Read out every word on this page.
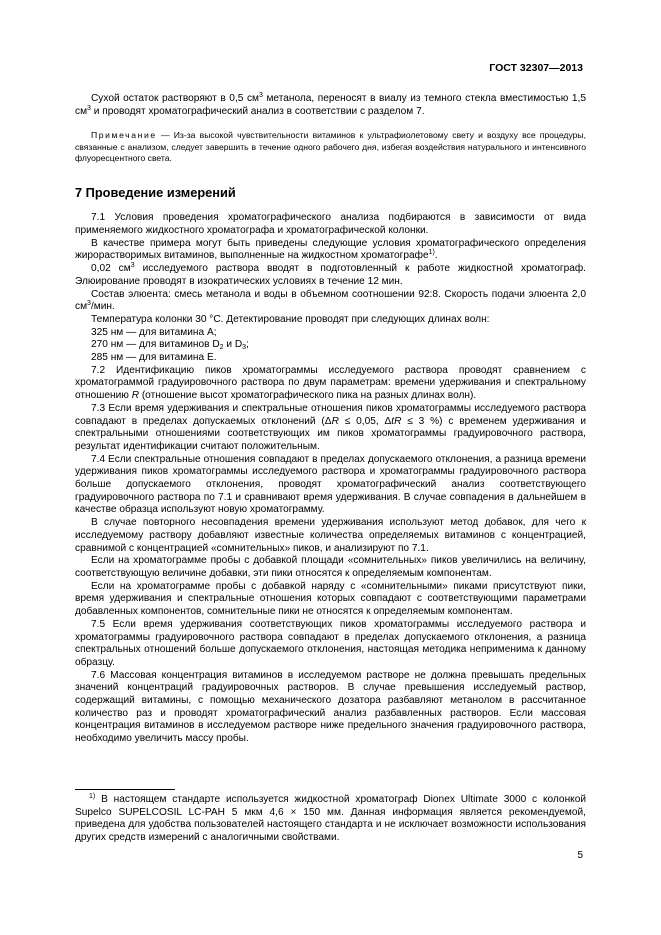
ГОСТ 32307—2013

Сухой остаток растворяют в 0,5 $см^3$ метанола, переносят в виалу из темного стекла вместимостью 1,5 $см^3$ и проводят хроматографический анализ в соответствии с разделом 7.

Примечание — Из-за высокой чувствительности витаминов к ультрафиолетовому свету и воздуху все процедуры, связанные с анализом, следует завершить в течение одного рабочего дня, избегая воздействия натурального и интенсивного флуоресцентного света.

7 Проведение измерений

7.1 Условия проведения хроматографического анализа подбираются в зависимости от вида применяемого жидкостного хроматографа и хроматографической колонки.

В качестве примера могут быть приведены следующие условия хроматографического определения жирорастворимых витаминов, выполненные на жидкостном хроматографе$^{1)}$.

0,02 $см^3$ исследуемого раствора вводят в подготовленный к работе жидкостной хроматограф. Элюирование проводят в изократических условиях в течение 12 мин.

Состав элюента: смесь метанола и воды в объемном соотношении 92:8. Скорость подачи элюента 2,0 $см^3$/мин.

Температура колонки 30 °С. Детектирование проводят при следующих длинах волн:

325 нм — для витамина А;

270 нм — для витаминов $D_2$ и $D_3$;

285 нм — для витамина Е.

7.2 Идентификацию пиков хроматограммы исследуемого раствора проводят сравнением с хроматограммой градуировочного раствора по двум параметрам: времени удерживания и спектральному отношению R (отношение высот хроматографического пика на разных длинах волн).

7.3 Если время удерживания и спектральные отношения пиков хроматограммы исследуемого раствора совпадают в пределах допускаемых отклонений (ΔR ≤ 0,05, ΔtR ≤ 3 %) с временем удерживания и спектральными отношениями соответствующих им пиков хроматограммы градуировочного раствора, результат идентификации считают положительным.

7.4 Если спектральные отношения совпадают в пределах допускаемого отклонения, а разница времени удерживания пиков хроматограммы исследуемого раствора и хроматограммы градуировочного раствора больше допускаемого отклонения, проводят хроматографический анализ соответствующего градуировочного раствора по 7.1 и сравнивают время удерживания. В случае совпадения в дальнейшем в качестве образца используют новую хроматограмму.

В случае повторного несовпадения времени удерживания используют метод добавок, для чего к исследуемому раствору добавляют известные количества определяемых витаминов с концентрацией, сравнимой с концентрацией «сомнительных» пиков, и анализируют по 7.1.

Если на хроматограмме пробы с добавкой площади «сомнительных» пиков увеличились на величину, соответствующую величине добавки, эти пики относятся к определяемым компонентам.

Если на хроматограмме пробы с добавкой наряду с «сомнительными» пиками присутствуют пики, время удерживания и спектральные отношения которых совпадают с соответствующими параметрами добавленных компонентов, сомнительные пики не относятся к определяемым компонентам.

7.5 Если время удерживания соответствующих пиков хроматограммы исследуемого раствора и хроматограммы градуировочного раствора совпадают в пределах допускаемого отклонения, а разница спектральных отношений больше допускаемого отклонения, настоящая методика неприменима к данному образцу.

7.6 Массовая концентрация витаминов в исследуемом растворе не должна превышать предельных значений концентраций градуировочных растворов. В случае превышения исследуемый раствор, содержащий витамины, с помощью механического дозатора разбавляют метанолом в рассчитанное количество раз и проводят хроматографический анализ разбавленных растворов. Если массовая концентрация витаминов в исследуемом растворе ниже предельного значения градуировочного раствора, необходимо увеличить массу пробы.

$^{1)}$ В настоящем стандарте используется жидкостной хроматограф Dionex Ultimate 3000 с колонкой Supelco SUPELCOSIL LC-PAH 5 мкм 4,6 × 150 мм. Данная информация является рекомендуемой, приведена для удобства пользователей настоящего стандарта и не исключает возможности использования других средств измерений с аналогичными свойствами.

5
